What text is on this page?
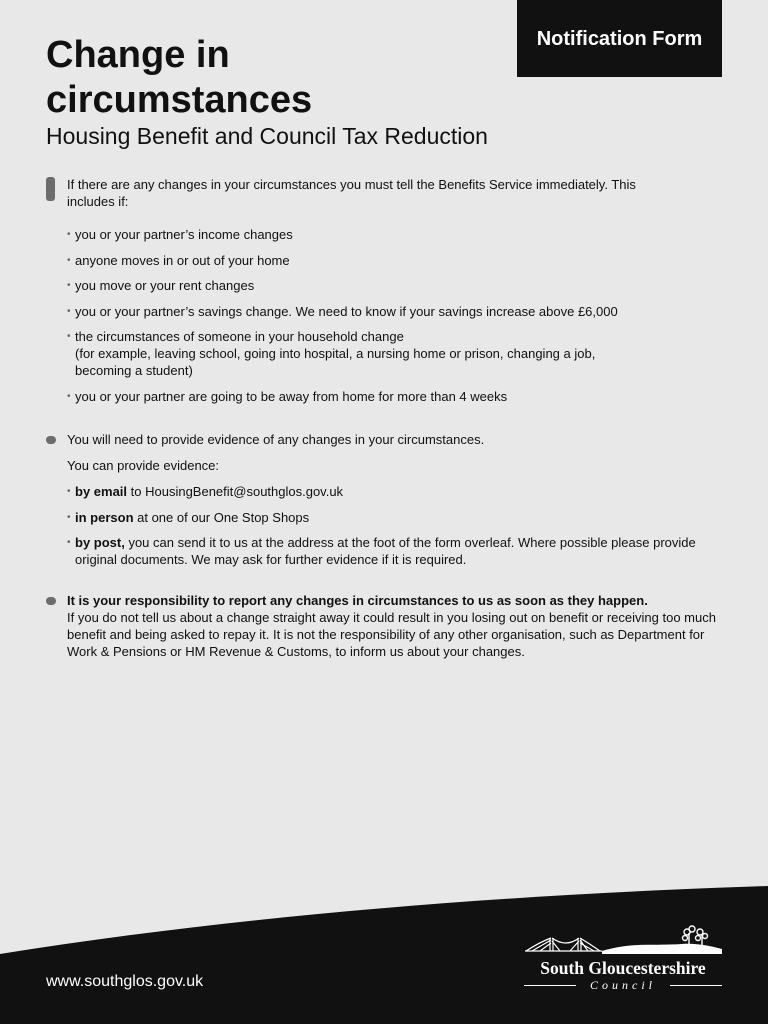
Notification Form
Change in circumstances
Housing Benefit and Council Tax Reduction

If there are any changes in your circumstances you must tell the Benefits Service immediately. This includes if:

• you or your partner’s income changes
• anyone moves in or out of your home
• you move or your rent changes
• you or your partner’s savings change. We need to know if your savings increase above £6,000
• the circumstances of someone in your household change
(for example, leaving school, going into hospital, a nursing home or prison, changing a job, becoming a student)
• you or your partner are going to be away from home for more than 4 weeks

You will need to provide evidence of any changes in your circumstances.

You can provide evidence:

• by email to HousingBenefit@southglos.gov.uk
• in person at one of our One Stop Shops
• by post, you can send it to us at the address at the foot of the form overleaf. Where possible please provide original documents. We may ask for further evidence if it is required.

It is your responsibility to report any changes in circumstances to us as soon as they happen.

If you do not tell us about a change straight away it could result in you losing out on benefit or receiving too much benefit and being asked to repay it. It is not the responsibility of any other organisation, such as Department for Work & Pensions or HM Revenue & Customs, to inform us about your changes.

www.southglos.gov.uk
South Gloucestershire
Council
